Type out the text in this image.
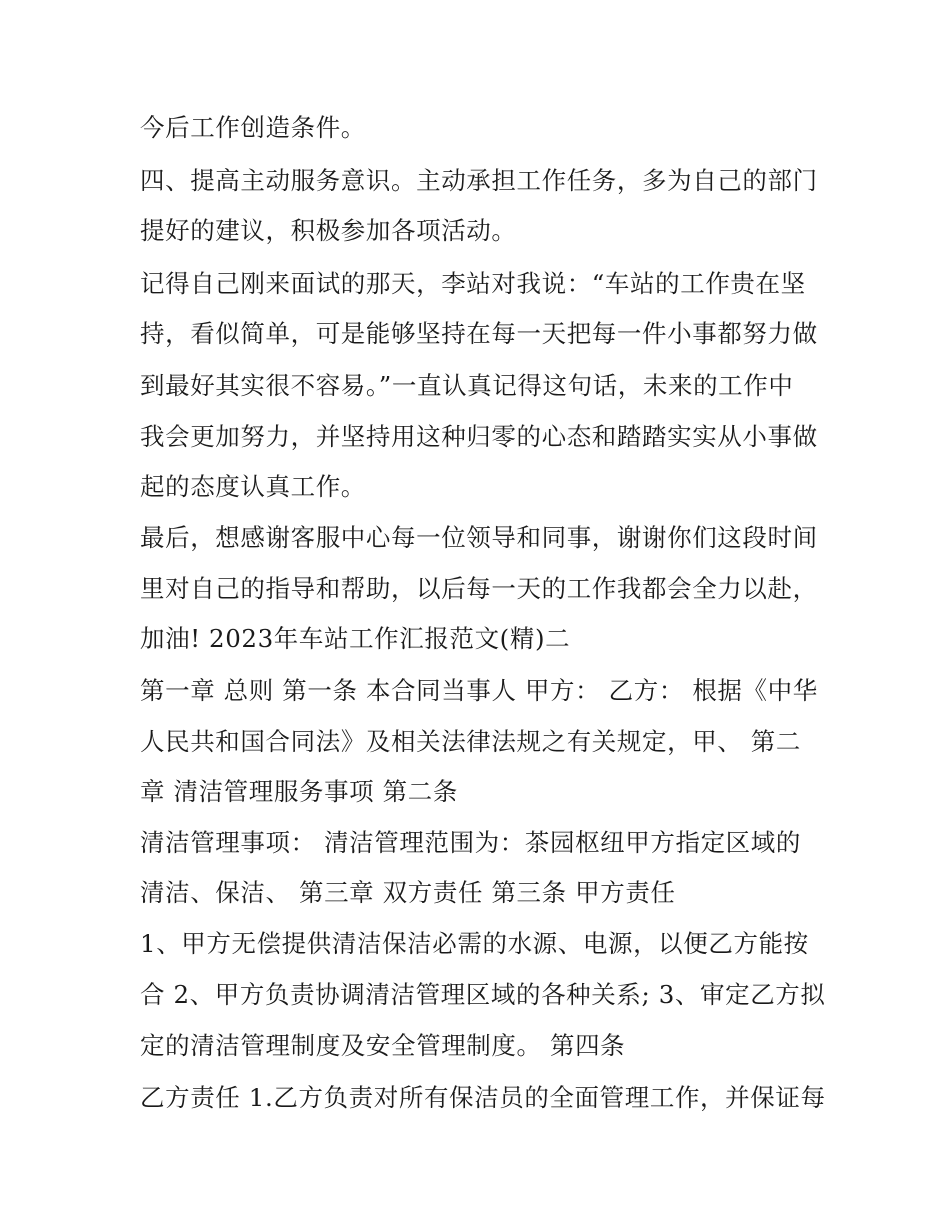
今后工作创造条件。
四、提高主动服务意识。主动承担工作任务，多为自己的部门
提好的建议，积极参加各项活动。
记得自己刚来面试的那天，李站对我说：“车站的工作贵在坚
持，看似简单，可是能够坚持在每一天把每一件小事都努力做
到最好其实很不容易。”一直认真记得这句话，未来的工作中
我会更加努力，并坚持用这种归零的心态和踏踏实实从小事做
起的态度认真工作。
最后，想感谢客服中心每一位领导和同事，谢谢你们这段时间
里对自己的指导和帮助，以后每一天的工作我都会全力以赴，
加油! 2023年车站工作汇报范文(精)二
第一章 总则 第一条 本合同当事人 甲方： 乙方： 根据《中华
人民共和国合同法》及相关法律法规之有关规定，甲、 第二
章 清洁管理服务事项 第二条
清洁管理事项： 清洁管理范围为：茶园枢纽甲方指定区域的
清洁、保洁、 第三章 双方责任 第三条 甲方责任
1、甲方无偿提供清洁保洁必需的水源、电源，以便乙方能按
合 2、甲方负责协调清洁管理区域的各种关系; 3、审定乙方拟
定的清洁管理制度及安全管理制度。 第四条
乙方责任 1.乙方负责对所有保洁员的全面管理工作，并保证每
